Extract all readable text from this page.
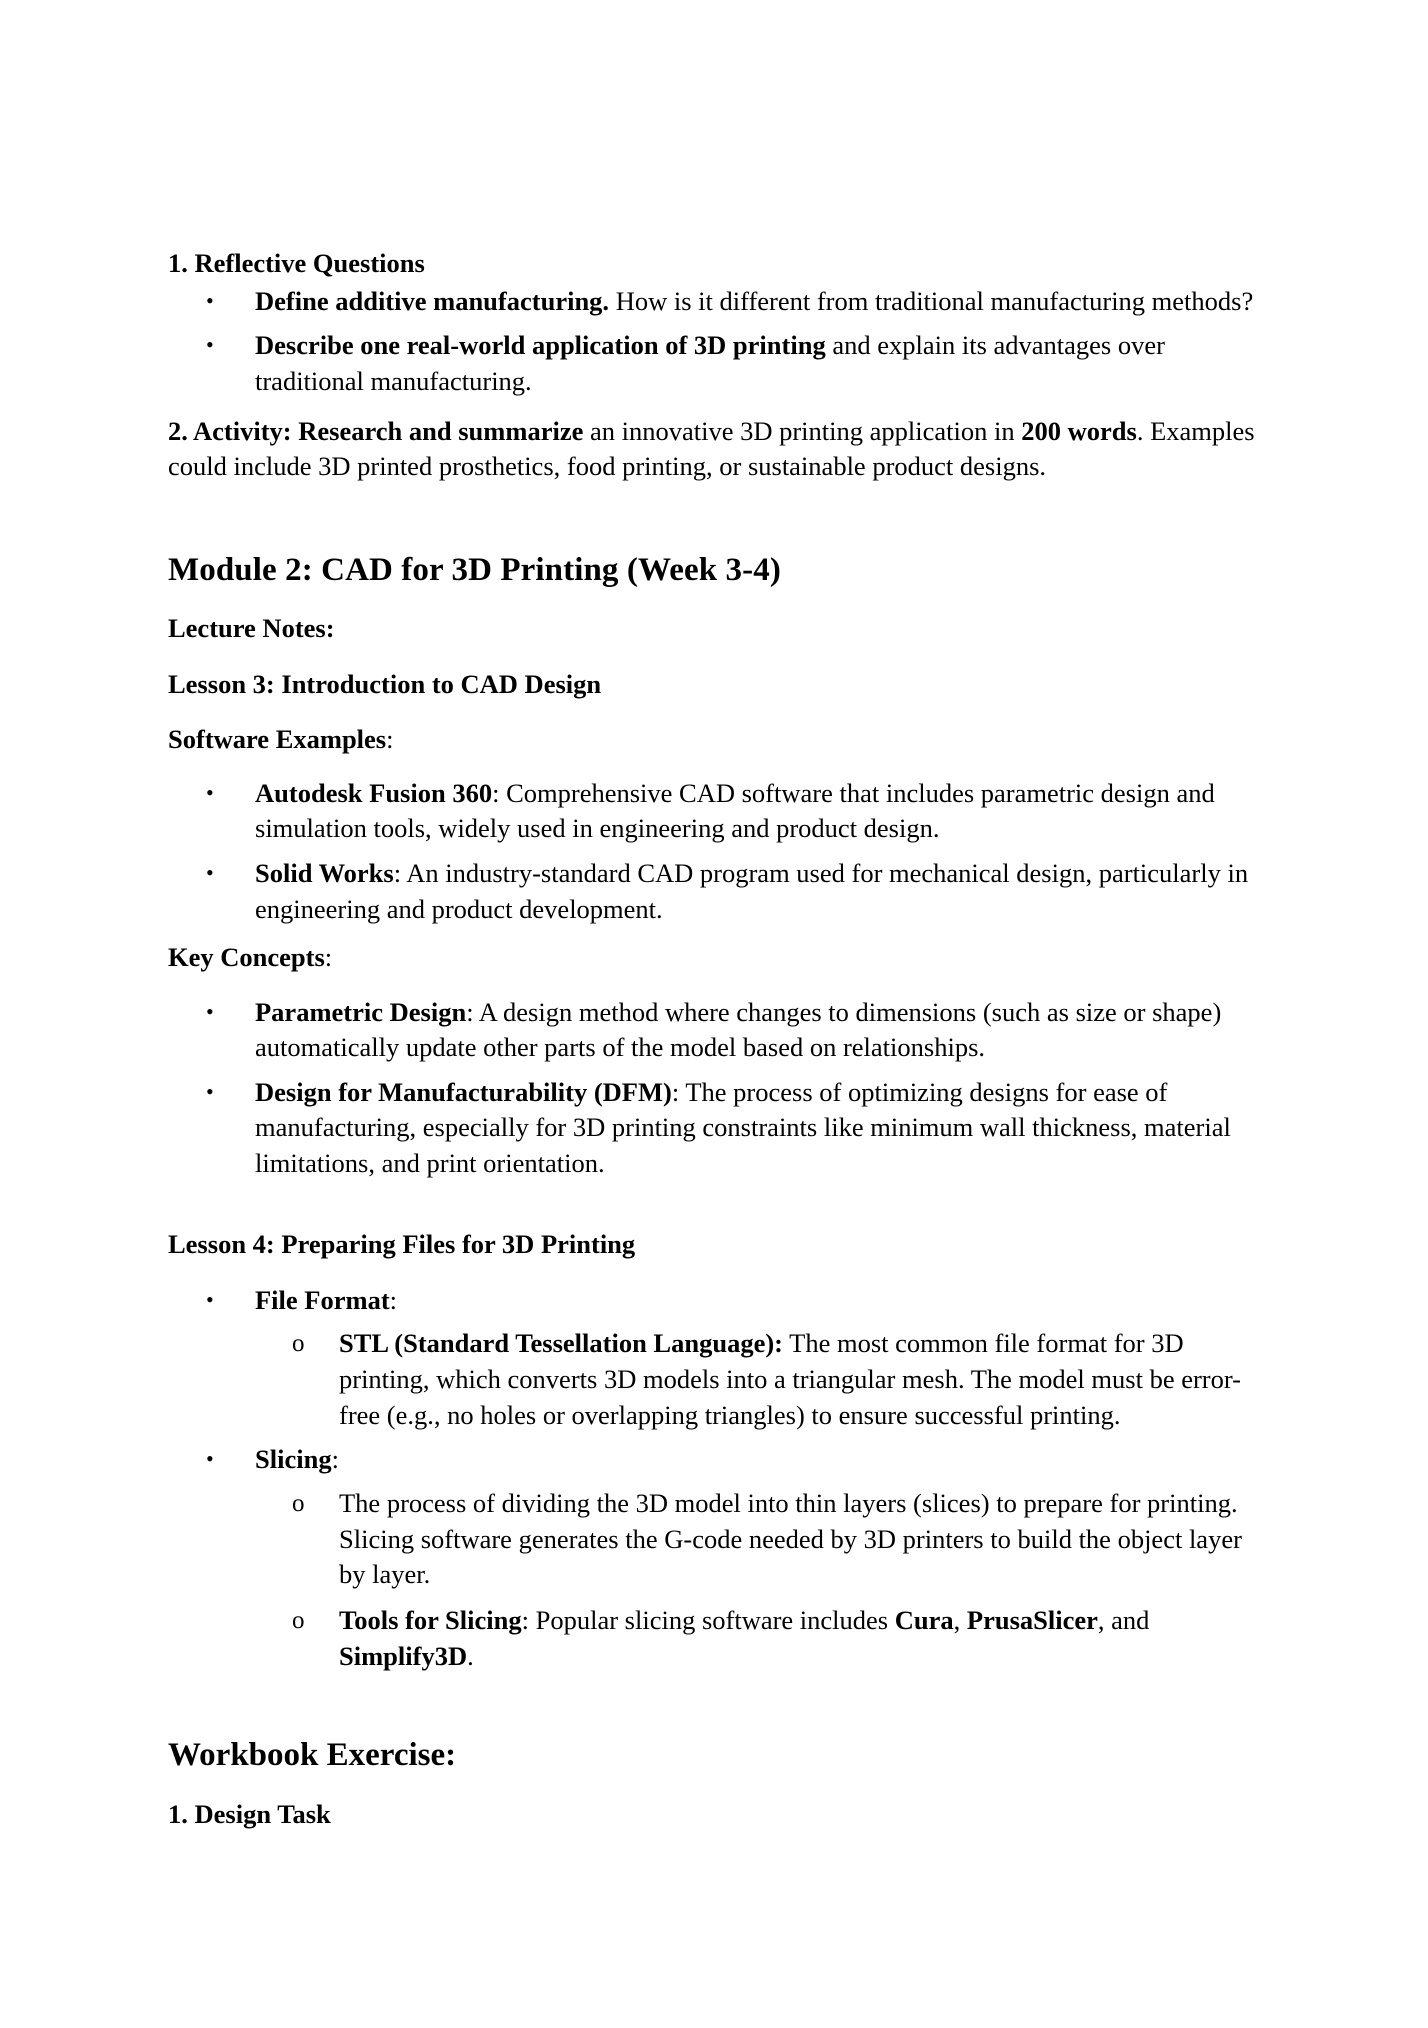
1. Reflective Questions
• Define additive manufacturing. How is it different from traditional manufacturing methods?
• Describe one real-world application of 3D printing and explain its advantages over traditional manufacturing.

2. Activity: Research and summarize an innovative 3D printing application in 200 words. Examples could include 3D printed prosthetics, food printing, or sustainable product designs.

Module 2: CAD for 3D Printing (Week 3-4)
Lecture Notes:
Lesson 3: Introduction to CAD Design
Software Examples:
• Autodesk Fusion 360: Comprehensive CAD software that includes parametric design and simulation tools, widely used in engineering and product design.
• Solid Works: An industry-standard CAD program used for mechanical design, particularly in engineering and product development.
Key Concepts:
• Parametric Design: A design method where changes to dimensions (such as size or shape) automatically update other parts of the model based on relationships.
• Design for Manufacturability (DFM): The process of optimizing designs for ease of manufacturing, especially for 3D printing constraints like minimum wall thickness, material limitations, and print orientation.
Lesson 4: Preparing Files for 3D Printing
• File Format:
o STL (Standard Tessellation Language): The most common file format for 3D printing, which converts 3D models into a triangular mesh. The model must be error-free (e.g., no holes or overlapping triangles) to ensure successful printing.
• Slicing:
o The process of dividing the 3D model into thin layers (slices) to prepare for printing. Slicing software generates the G-code needed by 3D printers to build the object layer by layer.
o Tools for Slicing: Popular slicing software includes Cura, PrusaSlicer, and Simplify3D.
Workbook Exercise:
1. Design Task
